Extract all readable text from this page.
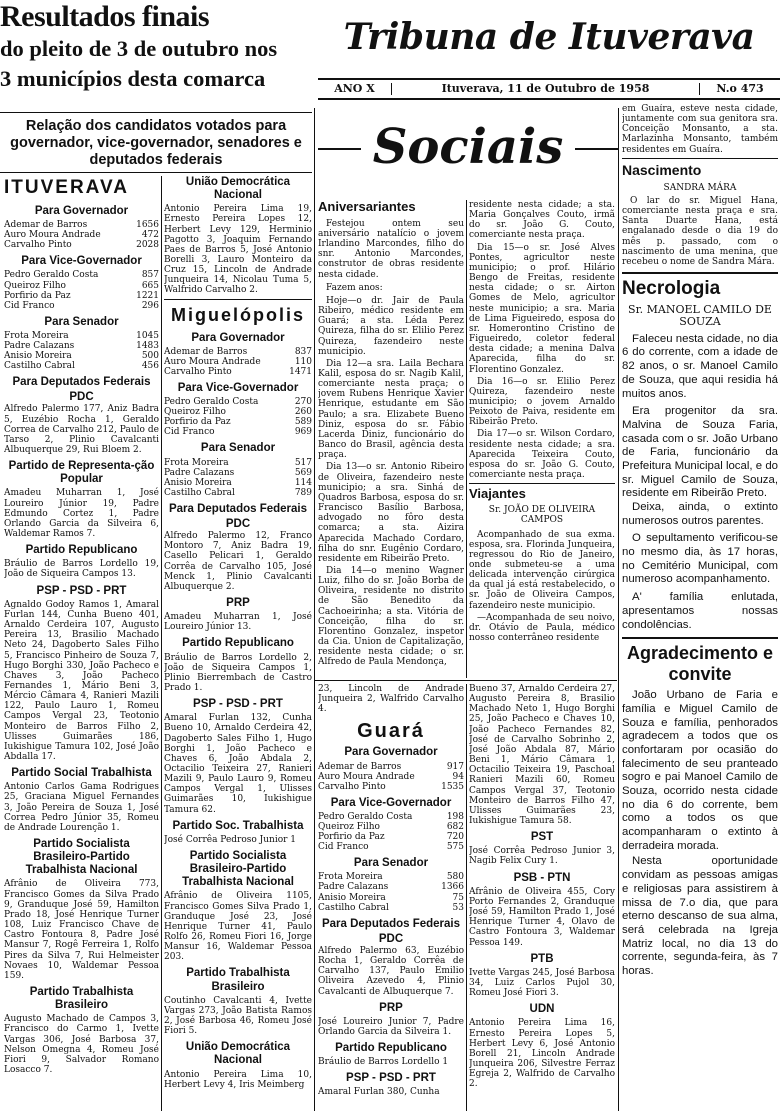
Resultados finais
do pleito de 3 de outubro nos
3 municípios desta comarca
Relação dos candidatos votados para governador, vice-governador, senadores e deputados federais
Tribuna de Ituverava
ANO X	Ituverava, 11 de Outubro de 1958	N.o 473
Sociais
ITUVERAVA
Para Governador
Ademar de Barros	1656
Auro Moura Andrade	472
Carvalho Pinto	2028
Para Vice-Governador
Pedro Geraldo Costa	857
Queiroz Filho	665
Porfirio da Paz	1221
Cid Franco	296
Para Senador
Frota Moreira	1045
Padre Calazans	1483
Anisio Moreira	500
Castilho Cabral	456
Para Deputados Federais
PDC
Alfredo Palermo 177, Aniz Badra 5, Euzébio Rocha 1, Geraldo Correa de Carvalho 212, Paulo de Tarso 2, Plinio Cavalcanti Albuquerque 29, Rui Bloem 2.
Partido de Representa-ção Popular
Amadeu Muharran 1, José Loureiro Júnior 19, Padre Edmundo Cortez 1, Padre Orlando Garcia da Silveira 6, Waldemar Ramos 7.
Partido Republicano
Bráulio de Barros Lordello 19, João de Siqueira Campos 13.
PSP - PSD - PRT
Agnaldo Godoy Ramos 1, Amaral Furlan 144, Cunha Bueno 401, Arnaldo Cerdeira 107, Augusto Pereira 13, Brasilio Machado Neto 24, Dagoberto Sales Filho 5, Francisco Pinheiro de Souza 7, Hugo Borghi 330, João Pacheco e Chaves 3, João Pacheco Fernandes 1, Mário Beni 3, Mércio Câmara 4, Ranieri Mazili 122, Paulo Lauro 1, Romeu Campos Vergal 23, Teotonio Monteiro de Barros Filho 2, Ulisses Guimarães 186, Iukishigue Tamura 102, José João Abdalla 17.
Partido Social Trabalhista
Antonio Carlos Gama Rodrigues 25, Graciana Miguel Fernandes 3, João Pereira de Souza 1, José Correa Pedro Júnior 35, Romeu de Andrade Lourenção 1.
Partido Socialista Brasileiro-Partido Trabalhista Nacional
Afrânio de Oliveira 773, Francisco Gomes da Silva Prado 9, Granduque José 59, Hamilton Prado 18, José Henrique Turner 108, Luiz Francisco Chave de Castro Fontoura 8, Padre José Mansur 7, Rogê Ferreira 1, Rolfo Pires da Silva 7, Rui Helmeister Novaes 10, Waldemar Pessoa 159.
Partido Trabalhista Brasileiro
Augusto Machado de Campos 3, Francisco do Carmo 1, Ivette Vargas 306, José Barbosa 37, Nelson Omegna 4, Romeu José Fiori 9, Salvador Romano Losacco 7.
União Democrática Nacional
Antonio Pereira Lima 19, Ernesto Pereira Lopes 12, Herbert Levy 129, Herminio Pagotto 3, Joaquim Fernando Paes de Barros 5, José Antonio Borelli 3, Lauro Monteiro da Cruz 15, Lincoln de Andrade Junqueira 14, Nicolau Tuma 5, Walfrido Carvalho 2.
Miguelópolis
Para Governador
Ademar de Barros	837
Auro Moura Andrade	110
Carvalho Pinto	1471
Para Vice-Governador
Pedro Geraldo Costa	270
Queiroz Filho	260
Porfirio da Paz	589
Cid Franco	969
Para Senador
Frota Moreira	517
Padre Calazans	569
Anisio Moreira	114
Castilho Cabral	789
Para Deputados Federais
PDC
Alfredo Palermo 12, Franco Montoro 7, Aniz Badra 19, Casello Pelicari 1, Geraldo Corrêa de Carvalho 105, José Menck 1, Plinio Cavalcanti Albuquerque 2.
PRP
Amadeu Muharran 1, José Loureiro Júnior 13.
Partido Republicano
Bráulio de Barros Lordello 2, João de Siqueira Campos 1, Plinio Bierrembach de Castro Prado 1.
PSP - PSD - PRT
Amaral Furlan 132, Cunha Bueno 10, Arnaldo Cerdeira 42, Dagoberto Sales Filho 1, Hugo Borghi 1, João Pacheco e Chaves 6, João Abdala 2, Octacilio Teixeira 27, Ranieri Mazili 9, Paulo Lauro 9, Romeu Campos Vergal 1, Ulisses Guimarães 10, Iukishigue Tamura 62.
Partido Soc. Trabalhista
José Corrêa Pedroso Junior 1
Partido Socialista Brasileiro-Partido Trabalhista Nacional
Afrânio de Oliveira 1105, Francisco Gomes Silva Prado 1, Granduque José 23, José Henrique Turner 41, Paulo Rolfo 26, Romeu Fiori 16, Jorge Mansur 16, Waldemar Pessoa 203.
Partido Trabalhista Brasileiro
Coutinho Cavalcanti 4, Ivette Vargas 273, João Batista Ramos 2, José Barbosa 46, Romeu José Fiori 5.
União Democrática Nacional
Antonio Pereira Lima 10, Herbert Levy 4, Iris Meimberg
Aniversariantes
Festejou ontem seu aniversário natalício o jovem Irlandino Marcondes, filho do snr. Antonio Marcondes, construtor de obras residente nesta cidade.
Fazem anos:
Hoje—o dr. Jair de Paula Ribeiro, médico residente em Guará; a sta. Léda Perez Quireza, filha do sr. Elilio Perez Quireza, fazendeiro neste municipio.
Dia 12—a sra. Laila Bechara Kalil, esposa do sr. Nagib Kalil, comerciante nesta praça; o jovem Rubens Henrique Xavier Henrique, estudante em São Paulo; a sra. Elizabete Bueno Diniz, esposa do sr. Fábio Lacerda Diniz, funcionário do Banco do Brasil, agência desta praça.
Dia 13—o sr. Antonio Ribeiro de Oliveira, fazendeiro neste municipio; a sra. Sinhá de Quadros Barbosa, esposa do sr. Francisco Basílio Barbosa, advogado no fôro desta comarca; a sta. Aizira Aparecida Machado Cordaro, filha do snr. Eugênio Cordaro, residente em Ribeirão Preto.
Dia 14—o menino Wagner Luiz, filho do sr. João Borba de Oliveira, residente no distrito de São Benedito da Cachoeirinha; a sta. Vitória de Conceição, filha do sr. Florentino Gonzalez, inspetor da Cia. Union de Capitalização, residente nesta cidade; o sr. Alfredo de Paula Mendonça,
residente nesta cidade; a sta. Maria Gonçalves Couto, irmã do sr. João G. Couto, comerciante nesta praça.
Dia 15—o sr. José Alves Pontes, agricultor neste municipio; o prof. Hilário Bengo de Freitas, residente nesta cidade; o sr. Airton Gomes de Melo, agricultor neste municipio; a sra. Maria de Lima Figueiredo, esposa do sr. Homerontino Cristino de Figueiredo, coletor federal desta cidade; a menina Dalva Aparecida, filha do sr. Florentino Gonzalez.
Dia 16—o sr. Elilio Perez Quireza, fazendeiro neste municipio; o jovem Arnaldo Peixoto de Paiva, residente em Ribeirão Preto.
Dia 17—o sr. Wilson Cordaro, residente nesta cidade; a sra. Aparecida Teixeira Couto, esposa do sr. João G. Couto, comerciante nesta praça.
Viajantes
Sr. JOÃO DE OLIVEIRA CAMPOS
Acompanhado de sua exma. esposa, sra. Florinda Junqueira, regressou do Rio de Janeiro, onde submeteu-se a uma delicada intervenção cirúrgica da qual já está restabelecido, o sr. João de Oliveira Campos, fazendeiro neste municipio.
—Acompanhada de seu noivo, dr. Otávio de Paula, médico nosso conterrâneo residente
23, Lincoln de Andrade Junqueira 2, Walfrido Carvalho 4.
Guará
Para Governador
Ademar de Barros	917
Auro Moura Andrade	94
Carvalho Pinto	1535
Para Vice-Governador
Pedro Geraldo Costa	198
Queiroz Filho	682
Porfirio da Paz	720
Cid Franco	575
Para Senador
Frota Moreira	580
Padre Calazans	1366
Anisio Moreira	75
Castilho Cabral	53
Para Deputados Federais
PDC
Alfredo Palermo 63, Euzébio Rocha 1, Geraldo Corrêa de Carvalho 137, Paulo Emilio Oliveira Azevedo 4, Plinio Cavalcanti de Albuquerque 7.
PRP
José Loureiro Junior 7, Padre Orlando Garcia da Silveira 1.
Partido Republicano
Bráulio de Barros Lordello 1
PSP - PSD - PRT
Amaral Furlan 380, Cunha
Bueno 37, Arnaldo Cerdeira 27, Augusto Pereira 8, Brasilio Machado Neto 1, Hugo Borghi 25, João Pacheco e Chaves 10, João Pacheco Fernandes 82, José de Carvalho Sobrinho 2, José João Abdala 87, Mário Beni 1, Mário Câmara 1, Octacilio Teixeira 19, Paschoal Ranieri Mazili 60, Romeu Campos Vergal 37, Teotonio Monteiro de Barros Filho 47, Ulisses Guimarães 23, Iukishigue Tamura 58.
PST
José Corrêa Pedroso Junior 3, Nagib Felix Cury 1.
PSB - PTN
Afrânio de Oliveira 455, Cory Porto Fernandes 2, Granduque José 59, Hamilton Prado 1, José Henrique Turner 4, Olavo de Castro Fontoura 3, Waldemar Pessoa 149.
PTB
Ivette Vargas 245, José Barbosa 34, Luiz Carlos Pujol 30, Romeu José Fiori 3.
UDN
Antonio Pereira Lima 16, Ernesto Pereira Lopes 5, Herbert Levy 6, José Antonio Borell 21, Lincoln Andrade Junqueira 206, Silvestre Ferraz Egreja 2, Walfrido de Carvalho 2.
em Guaíra, esteve nesta cidade, juntamente com sua genitora sra. Conceição Monsanto, a sta. Marlazinha Monsanto, também residentes em Guaíra.
Nascimento
SANDRA MÁRA
O lar do sr. Miguel Hana, comerciante nesta praça e sra. Santa Duarte Hana, está engalanado desde o dia 19 do mês p. passado, com o nascimento de uma menina, que recebeu o nome de Sandra Mára.
Necrologia
Sr. MANOEL CAMILO DE SOUZA
Faleceu nesta cidade, no dia 6 do corrente, com a idade de 82 anos, o sr. Manoel Camilo de Souza, que aqui residia há muitos anos.
Era progenitor da sra. Malvina de Souza Faria, casada com o sr. João Urbano de Faria, funcionário da Prefeitura Municipal local, e do sr. Miguel Camilo de Souza, residente em Ribeirão Preto.
Deixa, ainda, o extinto numerosos outros parentes.
O sepultamento verificou-se no mesmo dia, às 17 horas, no Cemitério Municipal, com numeroso acompanhamento.
A' família enlutada, apresentamos nossas condolências.
Agradecimento e convite
João Urbano de Faria e família e Miguel Camilo de Souza e família, penhorados agradecem a todos que os confortaram por ocasião do falecimento de seu pranteado sogro e pai Manoel Camilo de Souza, ocorrido nesta cidade no dia 6 do corrente, bem como a todos os que acompanharam o extinto à derradeira morada.
Nesta oportunidade convidam as pessoas amigas e religiosas para assistirem à missa de 7.o dia, que para eterno descanso de sua alma, será celebrada na Igreja Matriz local, no dia 13 do corrente, segunda-feira, às 7 horas.
